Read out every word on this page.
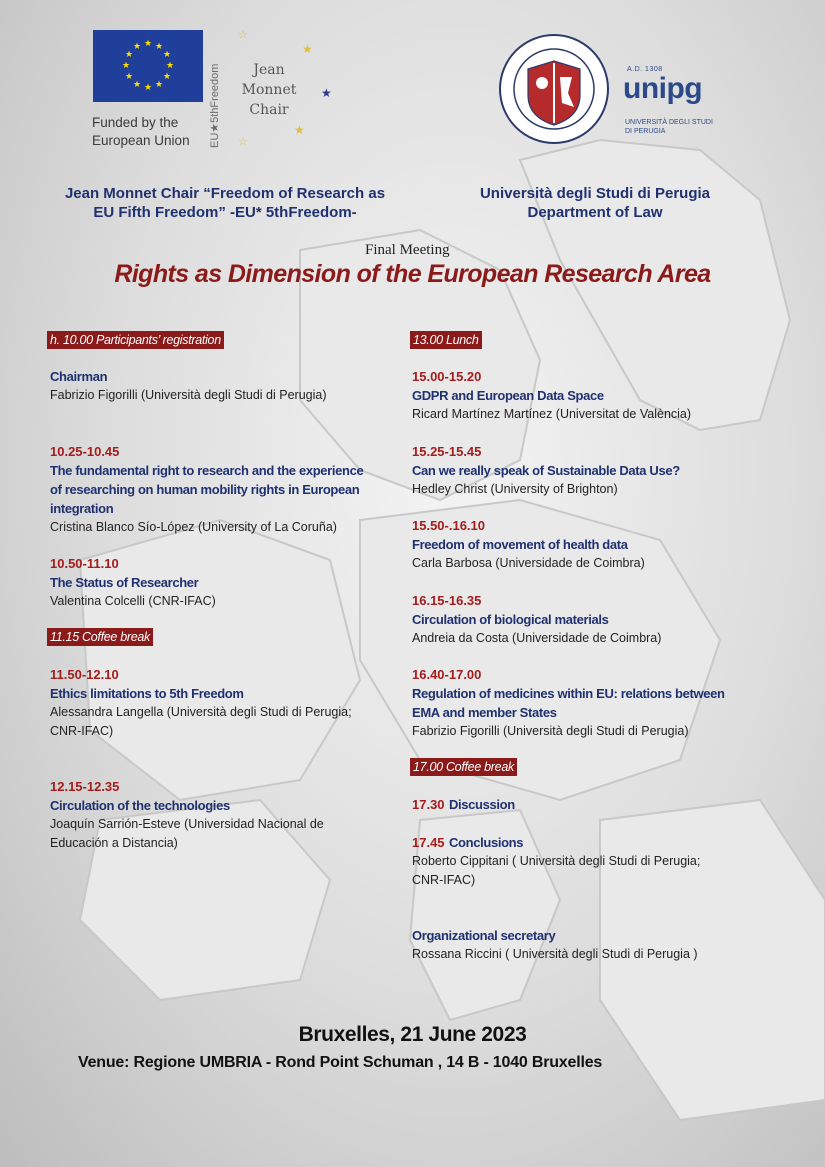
★ ★
★
★
★
★
★
★
★
★
★
★
Funded by the
European Union	EU★5thFreedom	Jean
Monnet
Chair
☆
★
★
★
☆
A.D. 1308
unipg
UNIVERSITÀ DEGLI STUDI
DI PERUGIA
Jean Monnet Chair “Freedom of Research as
EU Fifth Freedom” -EU* 5thFreedom-
Università degli Studi di Perugia
Department of Law
Final Meeting
Rights as Dimension of the European Research Area
h. 10.00 Participants’ registration
Chairman
Fabrizio Figorilli (Università degli Studi di Perugia)
10.25-10.45
The fundamental right to research and the experience
of researching on human mobility rights in European
integration
Cristina Blanco Sío-López (University of La Coruña)
10.50-11.10
The Status of Researcher
Valentina Colcelli (CNR-IFAC)
11.15 Coffee break
11.50-12.10
Ethics limitations to 5th Freedom
Alessandra Langella (Università degli Studi di Perugia;
CNR-IFAC)
12.15-12.35
Circulation of the technologies
Joaquín Sarrión-Esteve (Universidad Nacional de
Educación a Distancia)
13.00 Lunch
15.00-15.20
GDPR and European Data Space
Ricard Martínez Martínez (Universitat de València)
15.25-15.45
Can we really speak of Sustainable Data Use?
Hedley Christ (University of Brighton)
15.50-.16.10
Freedom of movement of health data
Carla Barbosa (Universidade de Coimbra)
16.15-16.35
Circulation of biological materials
Andreia da Costa (Universidade de Coimbra)
16.40-17.00
Regulation of medicines within EU: relations between
EMA and member States
Fabrizio Figorilli (Università degli Studi di Perugia)
17.00 Coffee break
17.30 Discussion
17.45 Conclusions
Roberto Cippitani ( Università degli Studi di Perugia;
CNR-IFAC)
Organizational secretary
Rossana Riccini ( Università degli Studi di Perugia )
Bruxelles, 21 June 2023
Venue: Regione UMBRIA - Rond Point Schuman , 14 B - 1040 Bruxelles
